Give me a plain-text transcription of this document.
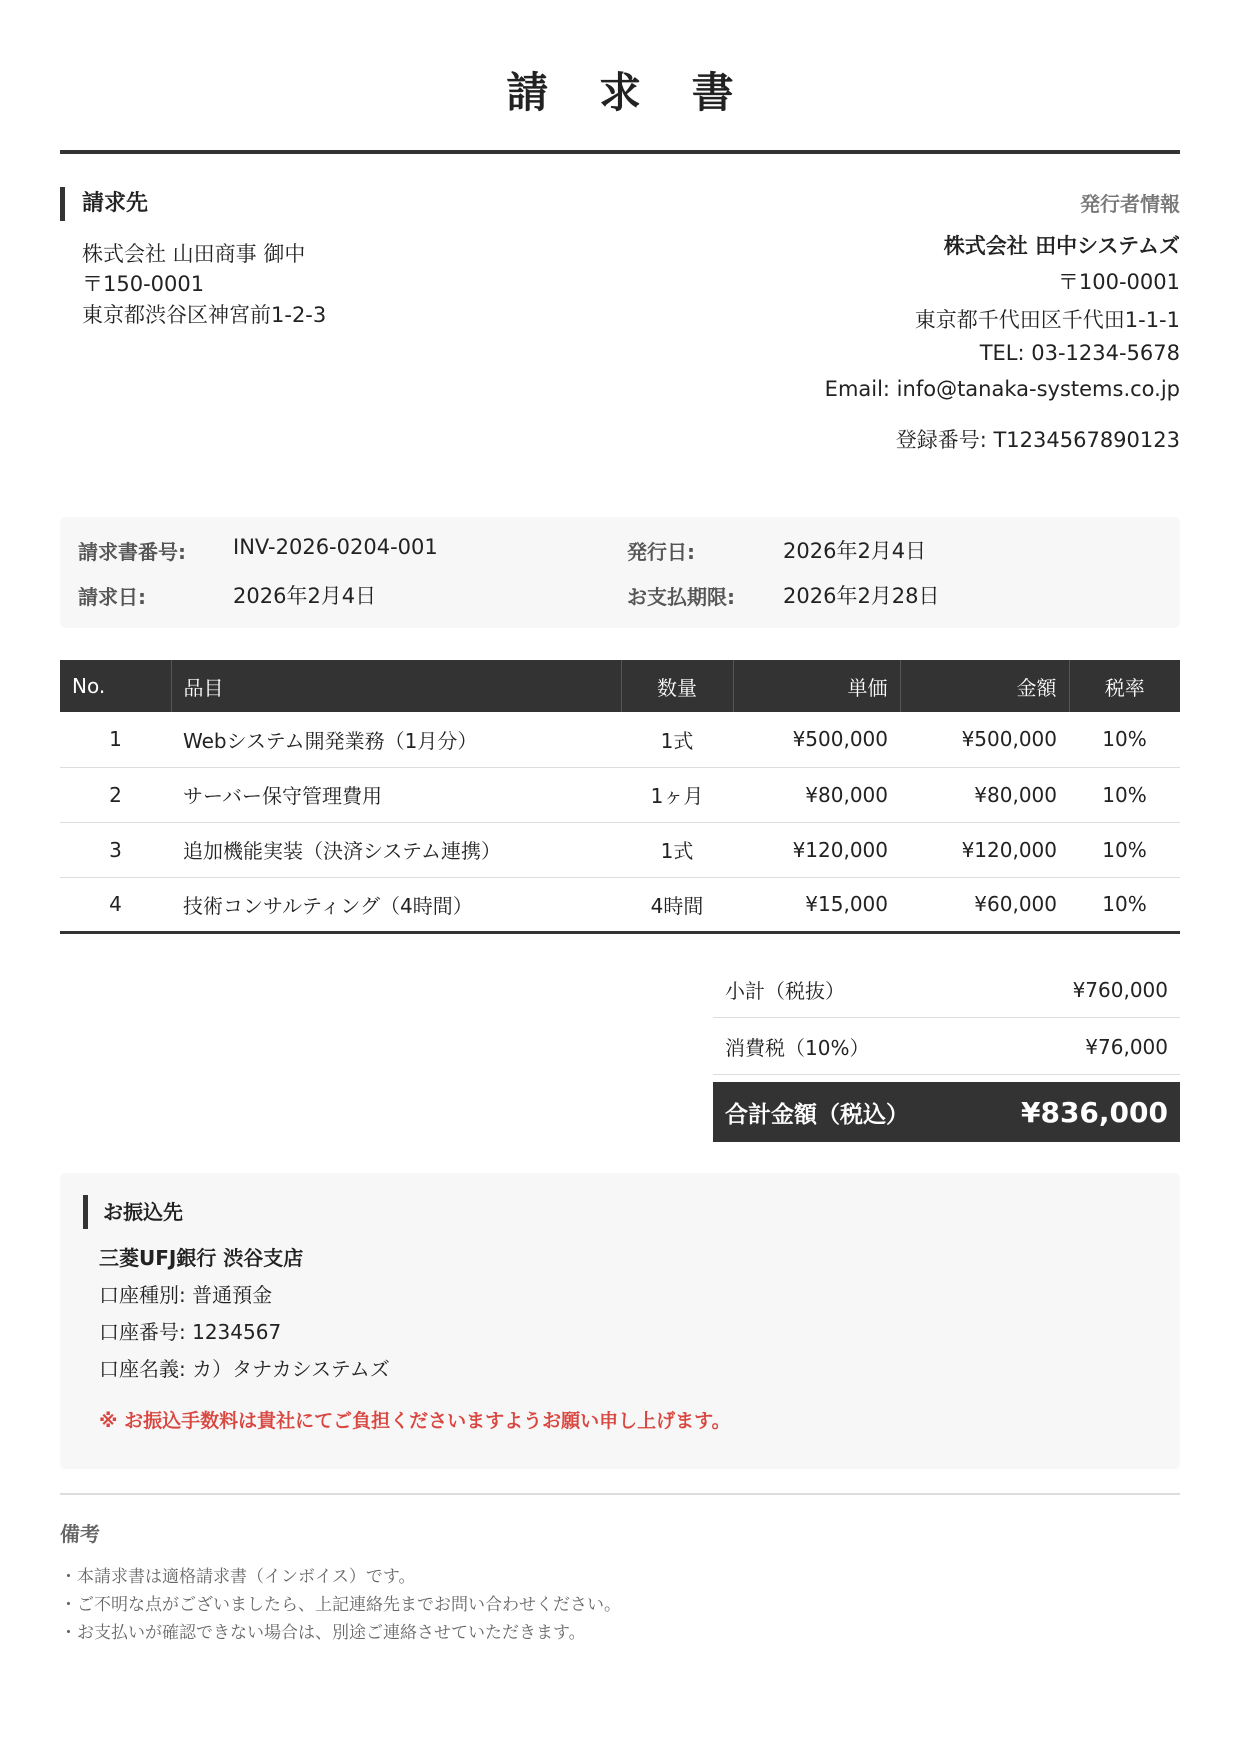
請 求 書
請求先
株式会社 山田商事 御中
〒150-0001
東京都渋谷区神宮前1-2-3
発行者情報
株式会社 田中システムズ
〒100-0001
東京都千代田区千代田1-1-1
TEL: 03-1234-5678
Email: info@tanaka-systems.co.jp
登録番号: T1234567890123
請求書番号: INV-2026-0204-001	発行日:	2026年2月4日
請求日:	2026年2月4日	お支払期限: 2026年2月28日
No.	品目	数量	単価	金額	税率
1	Webシステム開発業務（1月分）	1式	¥500,000	¥500,000	10%
2	サーバー保守管理費用	1ヶ月	¥80,000	¥80,000	10%
3	追加機能実装（決済システム連携）	1式	¥120,000	¥120,000	10%
4	技術コンサルティング（4時間）	4時間	¥15,000	¥60,000	10%
小計（税抜）	¥760,000
消費税（10%）	¥76,000
合計金額（税込）	¥836,000
お振込先
三菱UFJ銀行 渋谷支店
口座種別: 普通預金
口座番号: 1234567
口座名義: カ）タナカシステムズ
※ お振込手数料は貴社にてご負担くださいますようお願い申し上げます。
備考
・本請求書は適格請求書（インボイス）です。
・ご不明な点がございましたら、上記連絡先までお問い合わせください。
・お支払いが確認できない場合は、別途ご連絡させていただきます。
